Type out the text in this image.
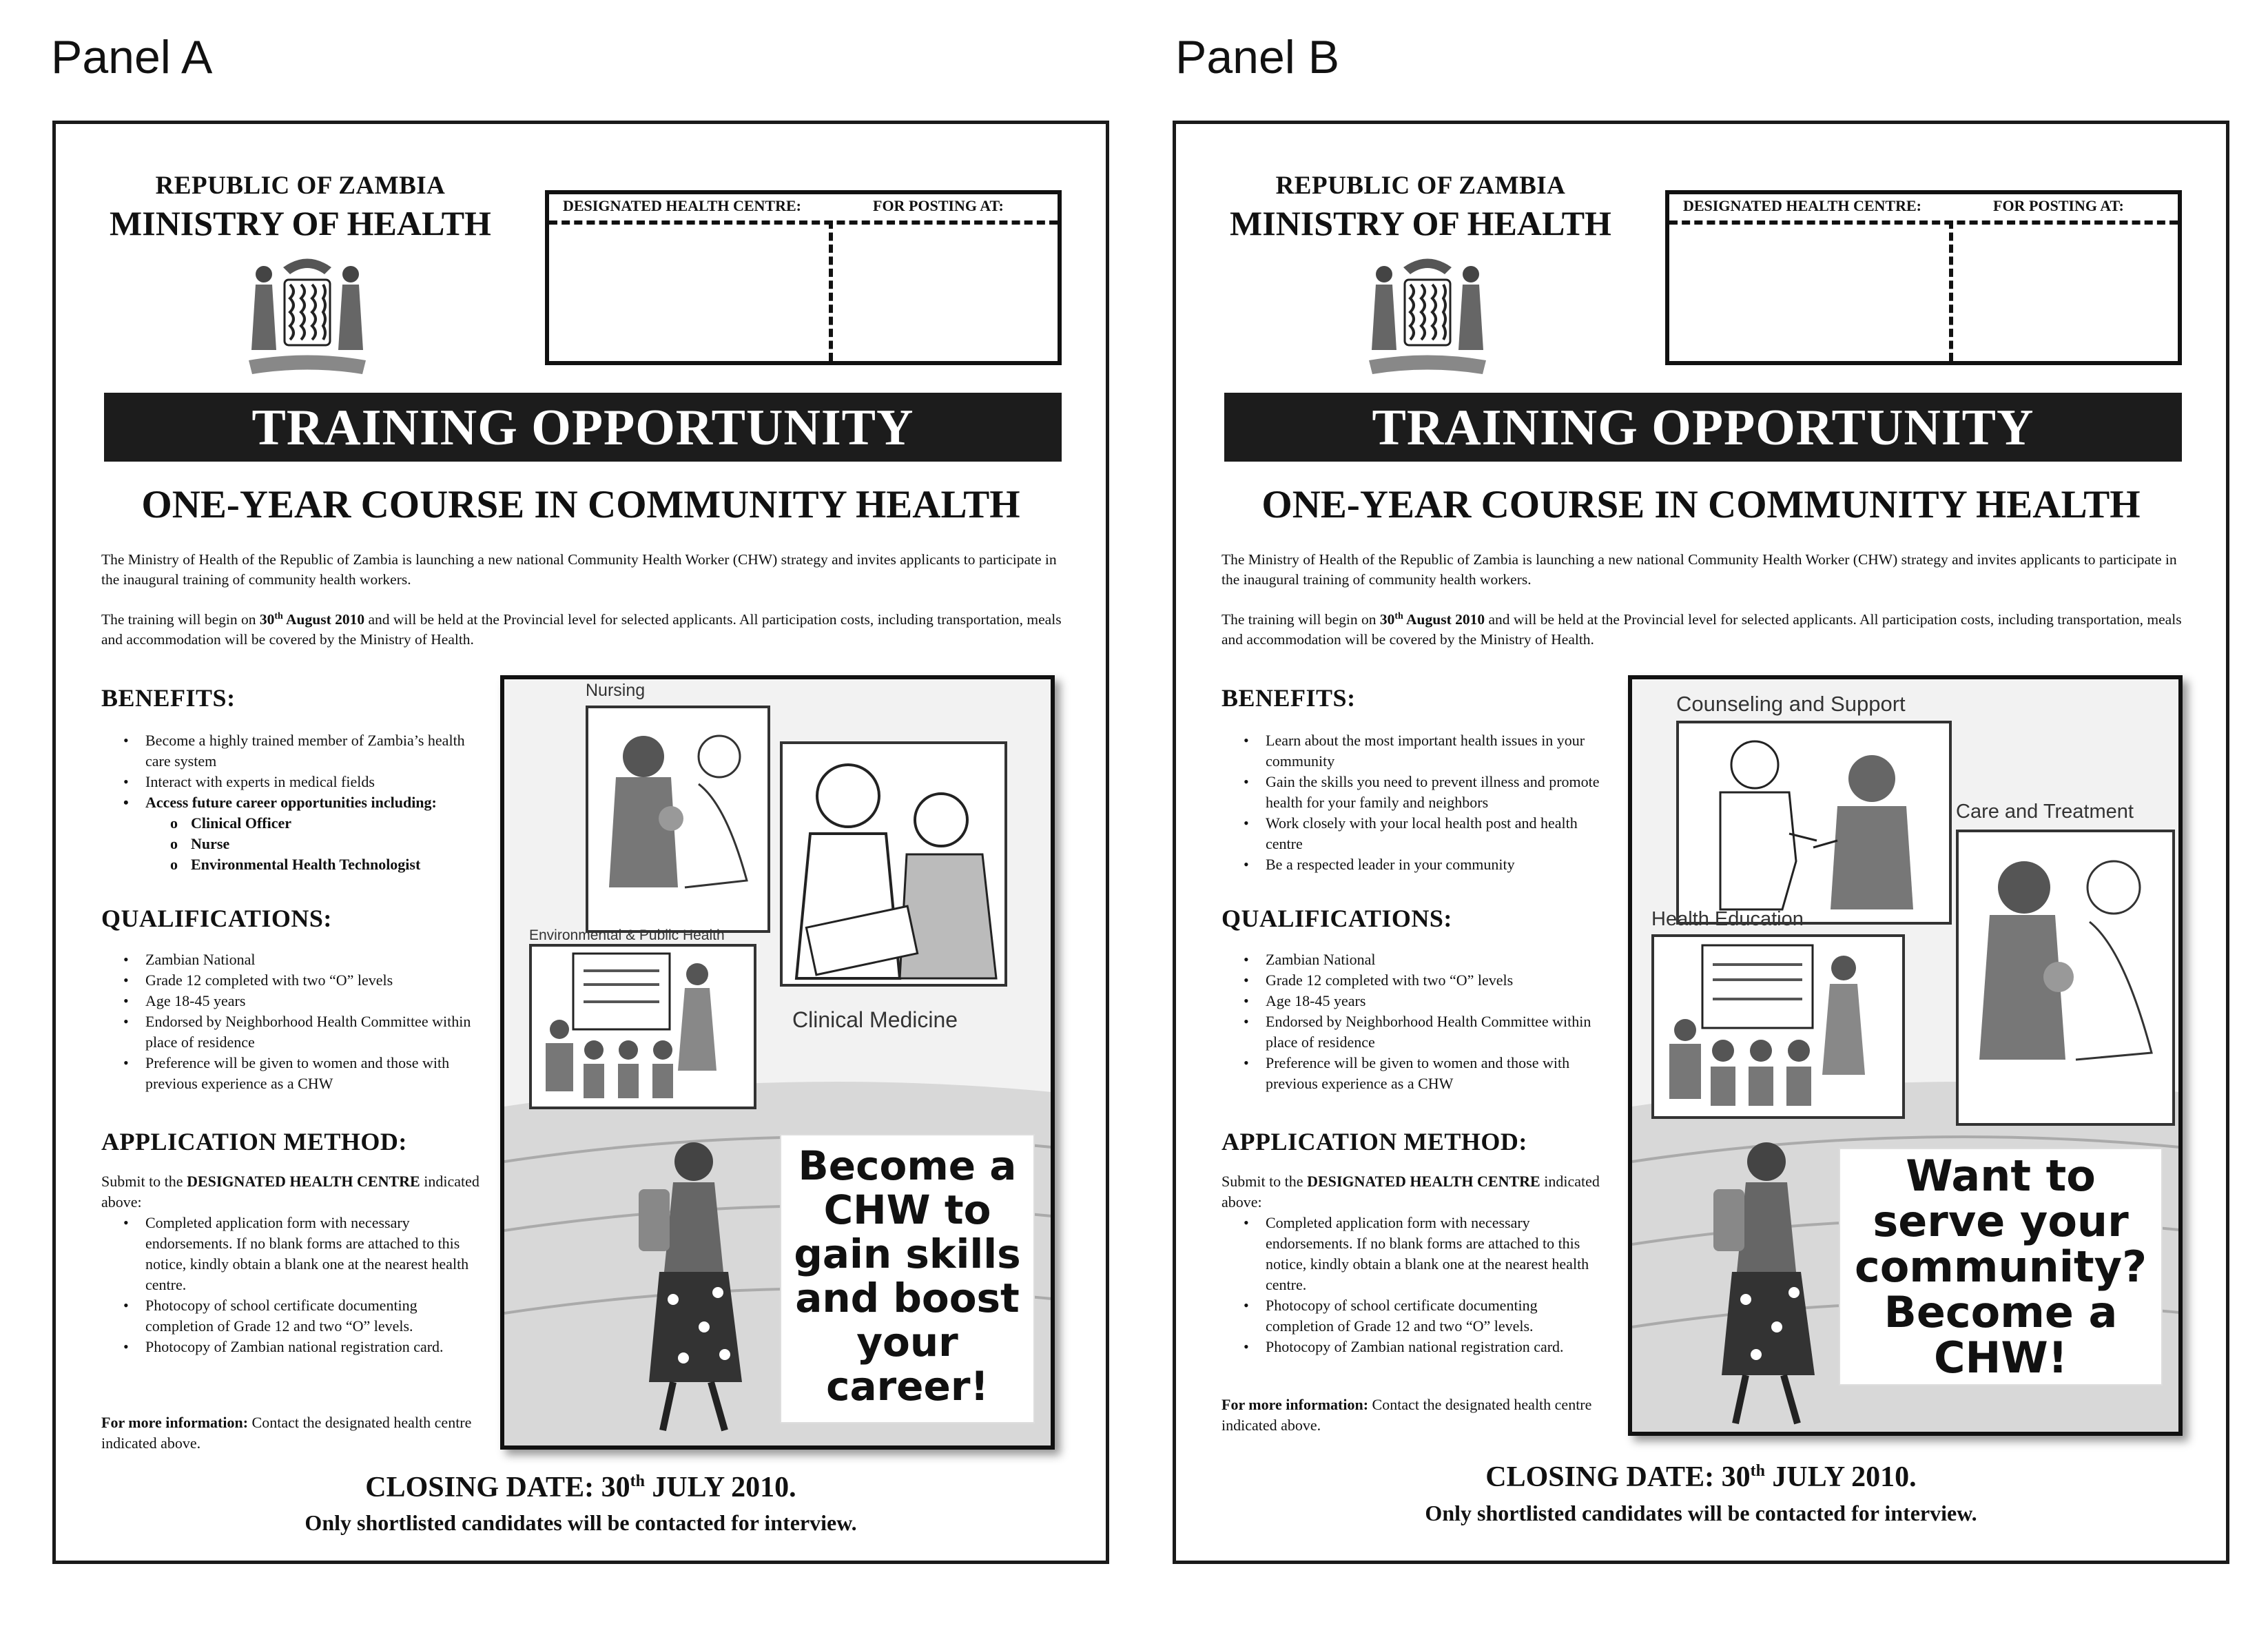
Panel A
REPUBLIC OF ZAMBIA
MINISTRY OF HEALTH	DESIGNATED HEALTH CENTRE:	FOR POSTING AT:
TRAINING OPPORTUNITY
ONE-YEAR COURSE IN COMMUNITY HEALTH
The Ministry of Health of the Republic of Zambia is launching a new national Community Health Worker (CHW) strategy and invites applicants to participate in the inaugural training of community health workers.
The training will begin on 30th August 2010 and will be held at the Provincial level for selected applicants. All participation costs, including transportation, meals and accommodation will be covered by the Ministry of Health.
BENEFITS:
• Become a highly trained member of Zambia’s health care system
• Interact with experts in medical fields
• Access future career opportunities including:
o Clinical Officer
o Nurse
o Environmental Health Technologist
QUALIFICATIONS:
• Zambian National
• Grade 12 completed with two “O” levels
• Age 18-45 years
• Endorsed by Neighborhood Health Committee within place of residence
• Preference will be given to women and those with previous experience as a CHW
APPLICATION METHOD:
Submit to the DESIGNATED HEALTH CENTRE indicated above:
• Completed application form with necessary endorsements. If no blank forms are attached to this notice, kindly obtain a blank one at the nearest health centre.
• Photocopy of school certificate documenting completion of Grade 12 and two “O” levels.
• Photocopy of Zambian national registration card.
For more information: Contact the designated health centre indicated above.
CLOSING DATE: 30th JULY 2010.
Only shortlisted candidates will be contacted for interview.
Nursing
Clinical Medicine
Environmental & Public Health
Become a
CHW to
gain skills
and boost
your
career!
Panel B
REPUBLIC OF ZAMBIA
MINISTRY OF HEALTH	DESIGNATED HEALTH CENTRE:	FOR POSTING AT:
TRAINING OPPORTUNITY
ONE-YEAR COURSE IN COMMUNITY HEALTH
The Ministry of Health of the Republic of Zambia is launching a new national Community Health Worker (CHW) strategy and invites applicants to participate in the inaugural training of community health workers.
The training will begin on 30th August 2010 and will be held at the Provincial level for selected applicants. All participation costs, including transportation, meals and accommodation will be covered by the Ministry of Health.
BENEFITS:
• Learn about the most important health issues in your community
• Gain the skills you need to prevent illness and promote health for your family and neighbors
• Work closely with your local health post and health centre
• Be a respected leader in your community
QUALIFICATIONS:
• Zambian National
• Grade 12 completed with two “O” levels
• Age 18-45 years
• Endorsed by Neighborhood Health Committee within place of residence
• Preference will be given to women and those with previous experience as a CHW
APPLICATION METHOD:
Submit to the DESIGNATED HEALTH CENTRE indicated above:
• Completed application form with necessary endorsements. If no blank forms are attached to this notice, kindly obtain a blank one at the nearest health centre.
• Photocopy of school certificate documenting completion of Grade 12 and two “O” levels.
• Photocopy of Zambian national registration card.
For more information: Contact the designated health centre indicated above.
CLOSING DATE: 30th JULY 2010.
Only shortlisted candidates will be contacted for interview.
Counseling and Support
Care and Treatment
Health Education
Want to
serve your
community?
Become a
CHW!
